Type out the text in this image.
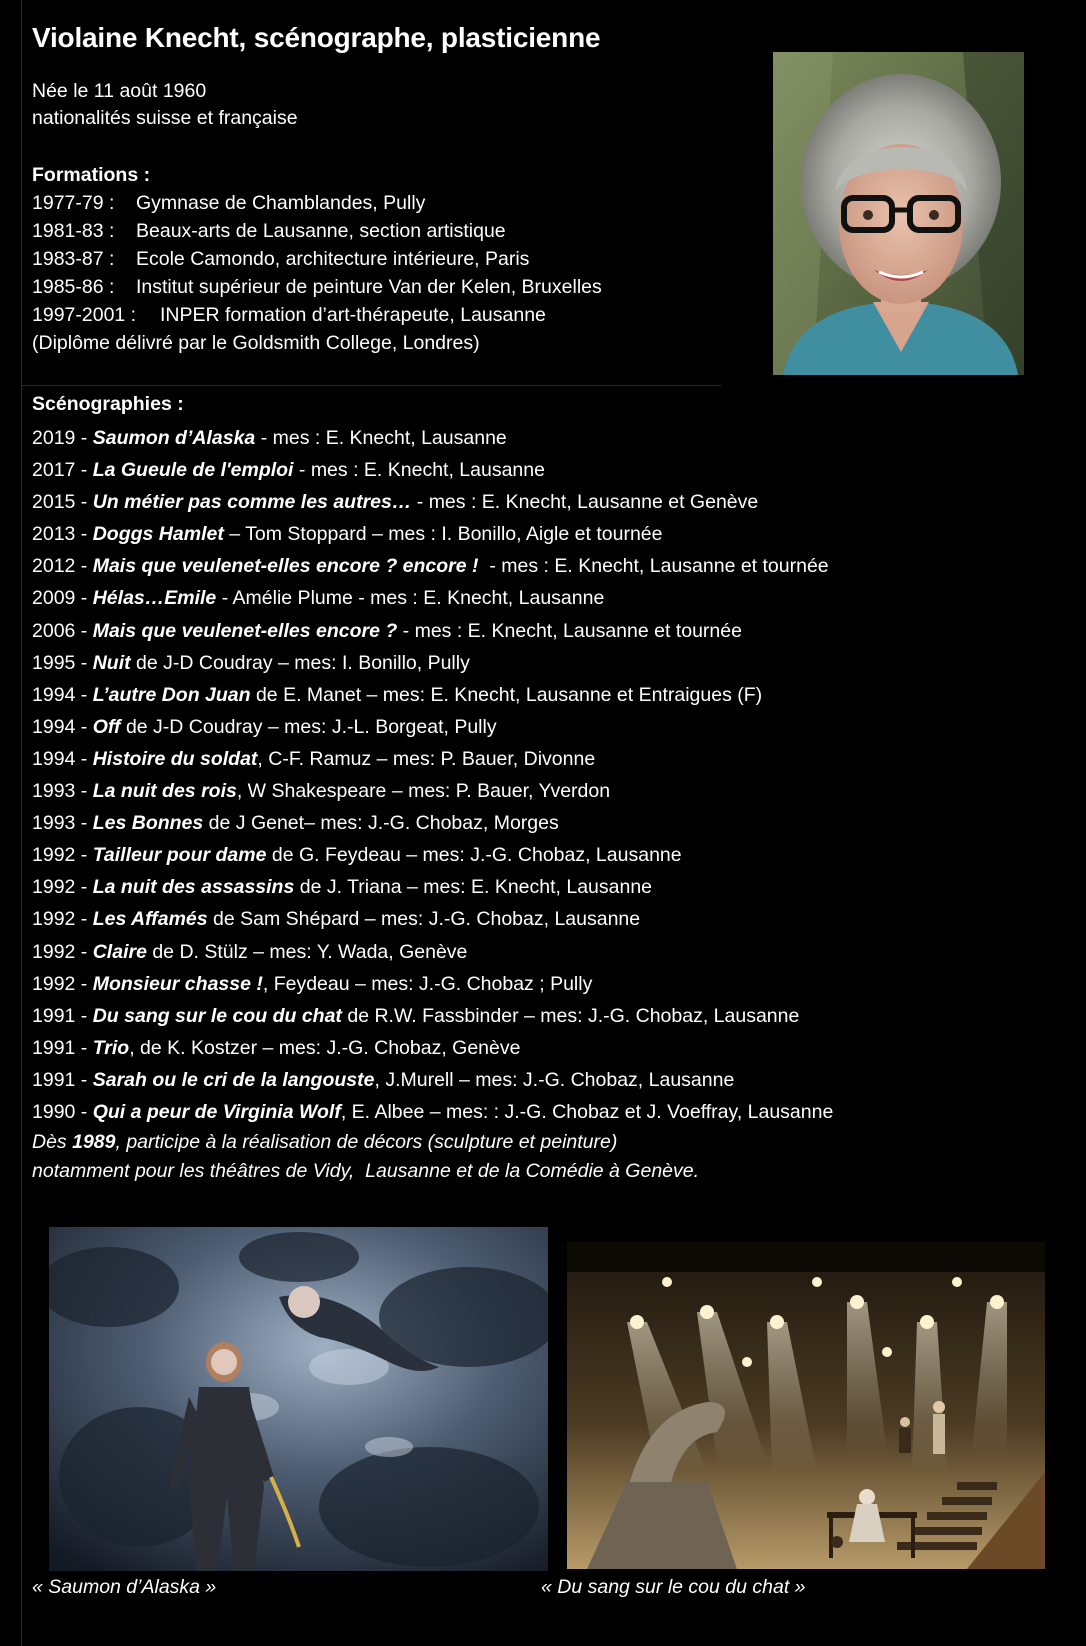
Violaine Knecht, scénographe, plasticienne
Née le 11 août 1960
nationalités suisse et française
Formations :
1977-79 :	Gymnase de Chamblandes, Pully
1981-83 :	Beaux-arts de Lausanne, section artistique
1983-87 :	Ecole Camondo, architecture intérieure, Paris
1985-86 :	Institut supérieur de peinture Van der Kelen, Bruxelles
1997-2001 :	INPER formation d’art-thérapeute, Lausanne
(Diplôme délivré par le Goldsmith College, Londres)
Scénographies :
2019 - Saumon d’Alaska - mes : E. Knecht, Lausanne
2017 - La Gueule de l'emploi - mes : E. Knecht, Lausanne
2015 - Un métier pas comme les autres… - mes : E. Knecht, Lausanne et Genève
2013 - Doggs Hamlet – Tom Stoppard – mes : I. Bonillo, Aigle et tournée
2012 - Mais que veulenet-elles encore ? encore !  - mes : E. Knecht, Lausanne et tournée
2009 - Hélas…Emile - Amélie Plume - mes : E. Knecht, Lausanne
2006 - Mais que veulenet-elles encore ? - mes : E. Knecht, Lausanne et tournée
1995 - Nuit de J-D Coudray – mes: I. Bonillo, Pully
1994 - L’autre Don Juan de E. Manet – mes: E. Knecht, Lausanne et Entraigues (F)
1994 - Off de J-D Coudray – mes: J.-L. Borgeat, Pully
1994 - Histoire du soldat, C-F. Ramuz – mes: P. Bauer, Divonne
1993 - La nuit des rois, W Shakespeare – mes: P. Bauer, Yverdon
1993 - Les Bonnes de J Genet– mes: J.-G. Chobaz, Morges
1992 - Tailleur pour dame de G. Feydeau – mes: J.-G. Chobaz, Lausanne
1992 - La nuit des assassins de J. Triana – mes: E. Knecht, Lausanne
1992 - Les Affamés de Sam Shépard – mes: J.-G. Chobaz, Lausanne
1992 - Claire de D. Stülz – mes: Y. Wada, Genève
1992 - Monsieur chasse !, Feydeau – mes: J.-G. Chobaz ; Pully
1991 - Du sang sur le cou du chat de R.W. Fassbinder – mes: J.-G. Chobaz, Lausanne
1991 - Trio, de K. Kostzer – mes: J.-G. Chobaz, Genève
1991 - Sarah ou le cri de la langouste, J.Murell – mes: J.-G. Chobaz, Lausanne
1990 - Qui a peur de Virginia Wolf, E. Albee – mes: : J.-G. Chobaz et J. Voeffray, Lausanne
Dès 1989, participe à la réalisation de décors (sculpture et peinture)
notamment pour les théâtres de Vidy,  Lausanne et de la Comédie à Genève.
« Saumon d’Alaska »	« Du sang sur le cou du chat »
